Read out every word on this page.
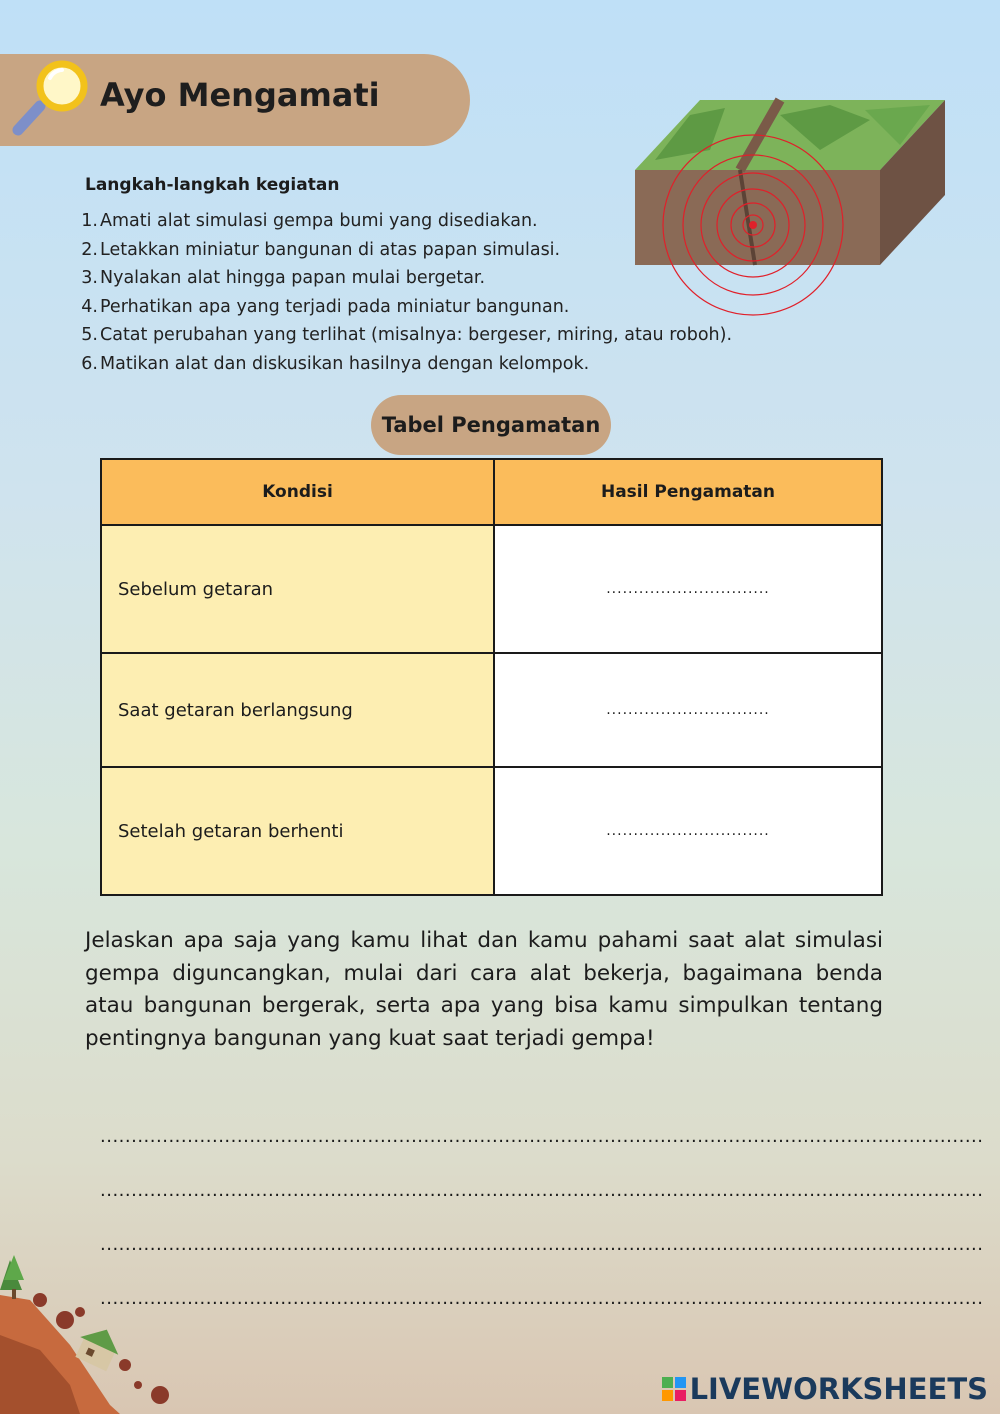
Ayo Mengamati
Langkah-langkah kegiatan
1. Amati alat simulasi gempa bumi yang disediakan.
2. Letakkan miniatur bangunan di atas papan simulasi.
3. Nyalakan alat hingga papan mulai bergetar.
4. Perhatikan apa yang terjadi pada miniatur bangunan.
5. Catat perubahan yang terlihat (misalnya: bergeser, miring, atau roboh).
6. Matikan alat dan diskusikan hasilnya dengan kelompok.
Tabel Pengamatan
Kondisi	Hasil Pengamatan
Sebelum getaran	..............................
Saat getaran berlangsung	..............................
Setelah getaran berhenti	..............................
Jelaskan apa saja yang kamu lihat dan kamu pahami saat alat simulasi gempa diguncangkan, mulai dari cara alat bekerja, bagaimana benda atau bangunan bergerak, serta apa yang bisa kamu simpulkan tentang pentingnya bangunan yang kuat saat terjadi gempa!
..............................................................................................................................................
..............................................................................................................................................
..............................................................................................................................................
..............................................................................................................................................
LIVEWORKSHEETS
